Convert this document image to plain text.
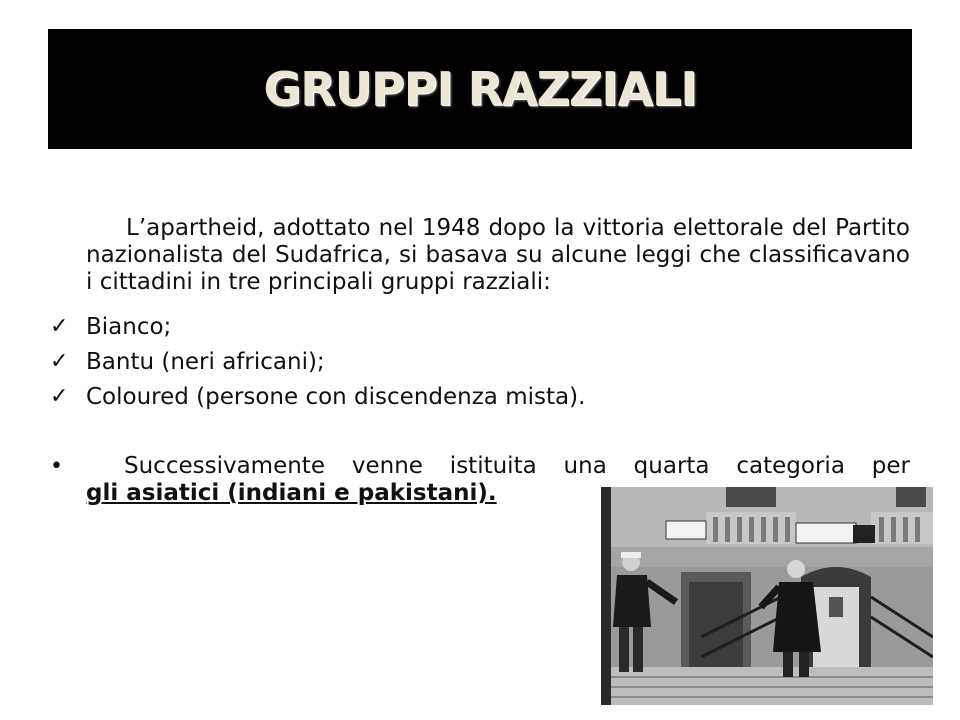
GRUPPI RAZZIALI

L’apartheid, adottato nel 1948 dopo la vittoria elettorale del Partito nazionalista del Sudafrica, si basava su alcune leggi che classificavano i cittadini in tre principali gruppi razziali:

✓ Bianco;
✓ Bantu (neri africani);
✓ Coloured (persone con discendenza mista).
•	Successivamente venne istituita una quarta categoria per
gli asiatici (indiani e pakistani).
